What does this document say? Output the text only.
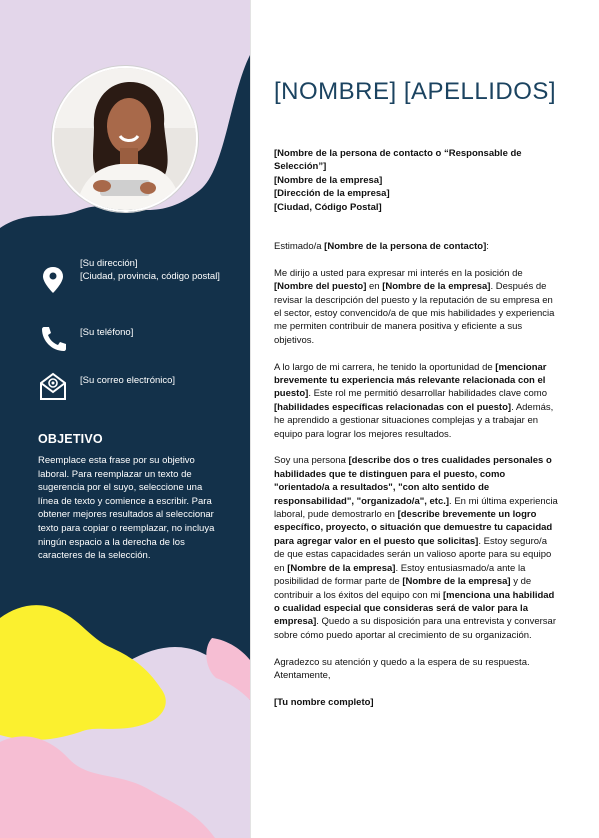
[Su dirección]
[Ciudad, provincia, código postal]
[Su teléfono]
[Su correo electrónico]
OBJETIVO
Reemplace esta frase por su objetivo laboral. Para reemplazar un texto de sugerencia por el suyo, seleccione una línea de texto y comience a escribir. Para obtener mejores resultados al seleccionar texto para copiar o reemplazar, no incluya ningún espacio a la derecha de los caracteres de la selección.
[NOMBRE] [APELLIDOS]
[Nombre de la persona de contacto o “Responsable de Selección”]
[Nombre de la empresa]
[Dirección de la empresa]
[Ciudad, Código Postal]

Estimado/a [Nombre de la persona de contacto]:

Me dirijo a usted para expresar mi interés en la posición de [Nombre del puesto] en [Nombre de la empresa]. Después de revisar la descripción del puesto y la reputación de su empresa en el sector, estoy convencido/a de que mis habilidades y experiencia me permiten contribuir de manera positiva y eficiente a sus objetivos.

A lo largo de mi carrera, he tenido la oportunidad de [mencionar brevemente tu experiencia más relevante relacionada con el puesto]. Este rol me permitió desarrollar habilidades clave como [habilidades específicas relacionadas con el puesto]. Además, he aprendido a gestionar situaciones complejas y a trabajar en equipo para lograr los mejores resultados.

Soy una persona [describe dos o tres cualidades personales o habilidades que te distinguen para el puesto, como "orientado/a a resultados", "con alto sentido de responsabilidad", "organizado/a", etc.]. En mi última experiencia laboral, pude demostrarlo en [describe brevemente un logro específico, proyecto, o situación que demuestre tu capacidad para agregar valor en el puesto que solicitas]. Estoy seguro/a de que estas capacidades serán un valioso aporte para su equipo en [Nombre de la empresa]. Estoy entusiasmado/a ante la posibilidad de formar parte de [Nombre de la empresa] y de contribuir a los éxitos del equipo con mi [menciona una habilidad o cualidad especial que consideras será de valor para la empresa]. Quedo a su disposición para una entrevista y conversar sobre cómo puedo aportar al crecimiento de su organización.

Agradezco su atención y quedo a la espera de su respuesta.
Atentamente,

[Tu nombre completo]
